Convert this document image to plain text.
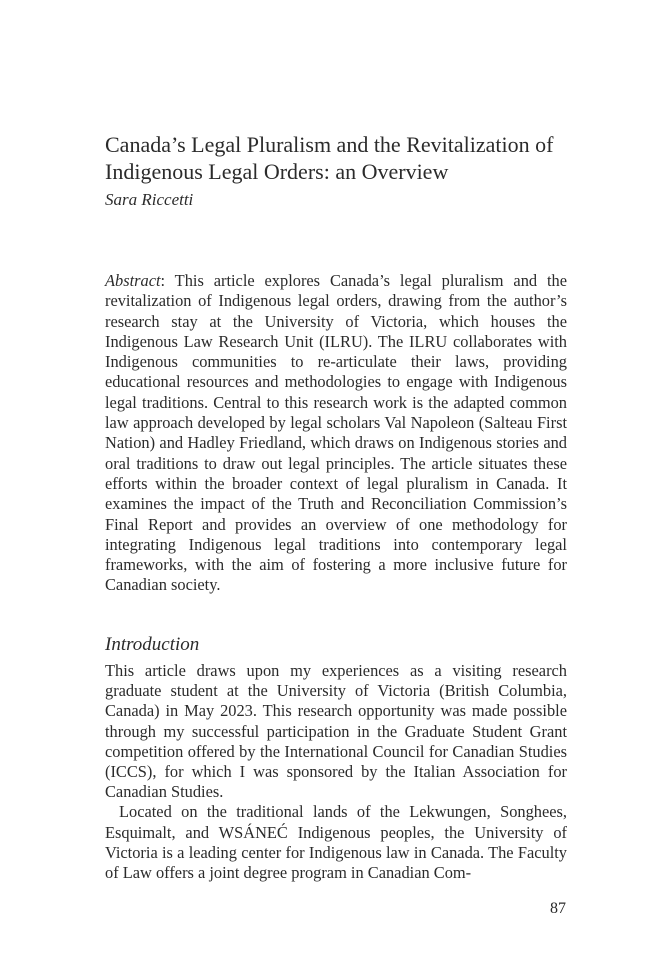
Canada’s Legal Pluralism and the Revitalization of Indigenous Legal Orders: an Overview
Sara Riccetti

Abstract: This article explores Canada’s legal pluralism and the revitalization of Indigenous legal orders, drawing from the author’s research stay at the University of Victoria, which houses the Indigenous Law Research Unit (ILRU). The ILRU collaborates with Indigenous communities to re-articulate their laws, providing educational resources and methodologies to engage with Indigenous legal traditions. Central to this research work is the adapted common law approach developed by legal scholars Val Napoleon (Salteau First Nation) and Hadley Friedland, which draws on Indigenous stories and oral traditions to draw out legal principles. The article situates these efforts within the broader context of legal pluralism in Canada. It examines the impact of the Truth and Reconciliation Commission’s Final Report and provides an overview of one methodology for integrating Indigenous legal traditions into contemporary legal frameworks, with the aim of fostering a more inclusive future for Canadian society.

Introduction

This article draws upon my experiences as a visiting research graduate student at the University of Victoria (British Columbia, Canada) in May 2023. This research opportunity was made possible through my successful participation in the Graduate Student Grant competition offered by the International Council for Canadian Studies (ICCS), for which I was sponsored by the Italian Association for Canadian Studies.

Located on the traditional lands of the Lekwungen, Songhees, Esquimalt, and WSÁNEĆ Indigenous peoples, the University of Victoria is a leading center for Indigenous law in Canada. The Faculty of Law offers a joint degree program in Canadian Com-

87
